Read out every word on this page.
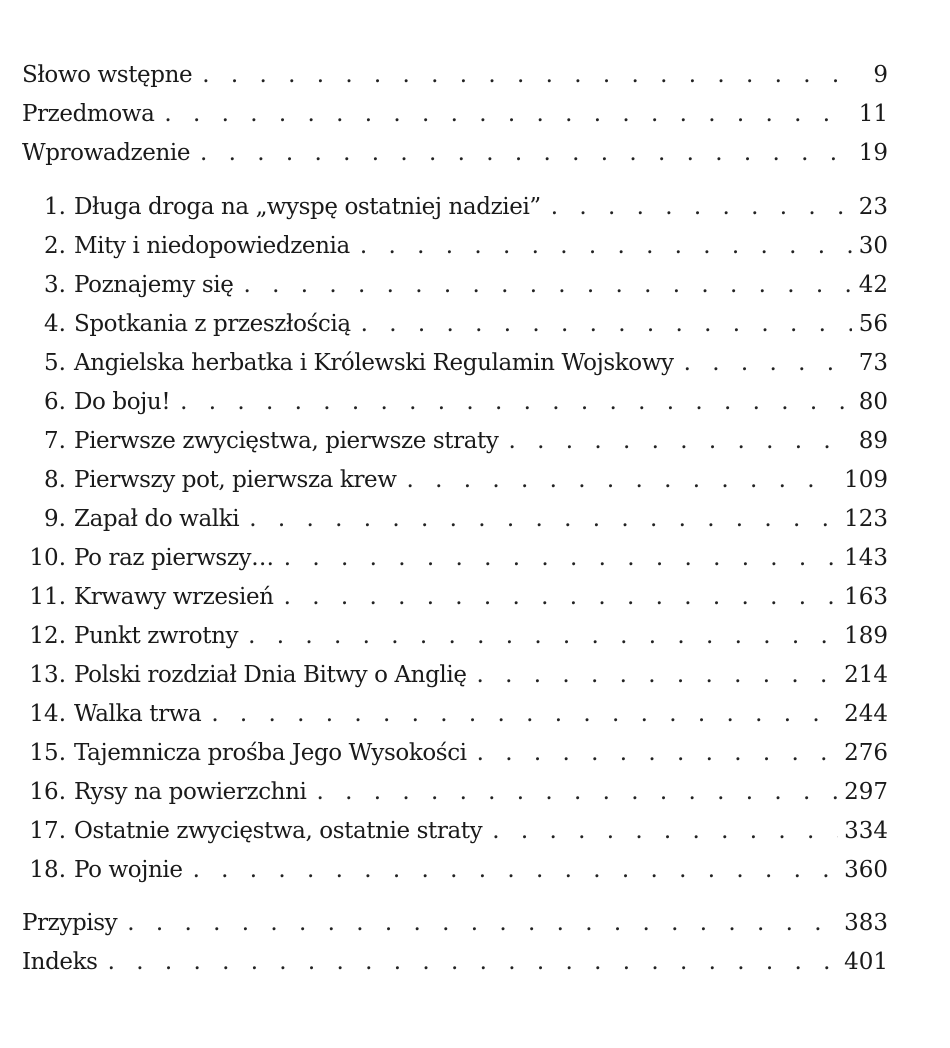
Słowo wstępne . . .	9
Przedmowa . . .	11
Wprowadzenie . . .	19
1. Długa droga na „wyspę ostatniej nadziei” . . .	23
2. Mity i niedopowiedzenia . . .	30
3. Poznajemy się . . .	42
4. Spotkania z przeszłością . . .	56
5. Angielska herbatka i Królewski Regulamin Wojskowy . . .	73
6. Do boju! . . .	80
7. Pierwsze zwycięstwa, pierwsze straty . . .	89
8. Pierwszy pot, pierwsza krew . . .	109
9. Zapał do walki . . .	123
10. Po raz pierwszy… . . .	143
11. Krwawy wrzesień . . .	163
12. Punkt zwrotny . . .	189
13. Polski rozdział Dnia Bitwy o Anglię . . .	214
14. Walka trwa . . .	244
15. Tajemnicza prośba Jego Wysokości . . .	276
16. Rysy na powierzchni . . .	297
17. Ostatnie zwycięstwa, ostatnie straty . . .	334
18. Po wojnie . . .	360
Przypisy . . .	383
Indeks . . .	401
